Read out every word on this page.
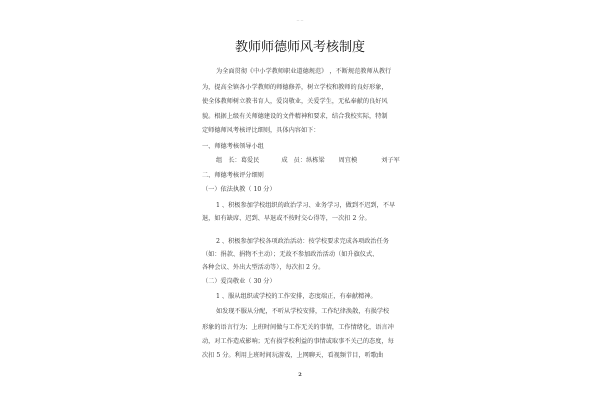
-- --
教师师德师风考核制度
为全面贯彻《中小学教师职业道德规范》 ，不断规范教师从教行
为，提高全镇各小学教师的师德修养，树立学校和教师的良好形象，
使全体教师树立教书育人，爱岗敬业，关爱学生，无私奉献的良好风
貌。根据上级有关师德建设的文件精神和要求，结合我校实际，特制
定师德师风考核评比细则，具体内容如下：
一、师德考核领导小组
组　长：葛爱民	成　员：纵栋梁 周宜模	刘子军
二、师德考核评分细则
（一）依法执教（ 10 分）
1 、积极参加学校组织的政治学习、业务学习，做到不迟到，不早
退，如有缺席、迟到、早退或不按时交心得等，一次扣 2 分。
2 、积极参加学校各项政治活动：按学校要求完成各项政治任务
（如：捐款、捐物不主动）；无故不参加政治活动（如升旗仪式、
各种会议、外出大型活动等），每次扣 2 分。
（二）爱岗敬业（ 30 分）
1 、服从组织或学校的工作安排，态度端正，有奉献精神。
如发现不服从分配，不听从学校安排，工作纪律涣散，有损学校
形象的语言行为；上班时间做与工作无关的事情，工作情绪化，语言冲
动，对工作造成影响；无有损学校利益的事情或取事不关己的态度，每
次扣 5 分。利用上班时间玩游戏，上网聊天，看视频节目，听歌曲
2
